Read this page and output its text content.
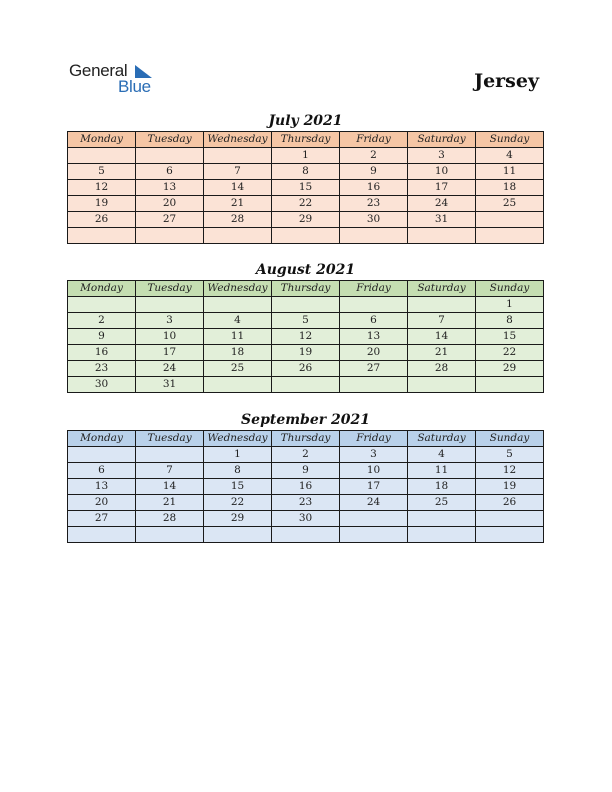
General
Blue	Jersey
July 2021
Monday	Tuesday	Wednesday	Thursday	Friday	Saturday	Sunday
			1	2	3	4
5	6	7	8	9	10	11
12	13	14	15	16	17	18
19	20	21	22	23	24	25
26	27	28	29	30	31	

August 2021
Monday	Tuesday	Wednesday	Thursday	Friday	Saturday	Sunday
						1
2	3	4	5	6	7	8
9	10	11	12	13	14	15
16	17	18	19	20	21	22
23	24	25	26	27	28	29
30	31					
September 2021
Monday	Tuesday	Wednesday	Thursday	Friday	Saturday	Sunday
		1	2	3	4	5
6	7	8	9	10	11	12
13	14	15	16	17	18	19
20	21	22	23	24	25	26
27	28	29	30			
